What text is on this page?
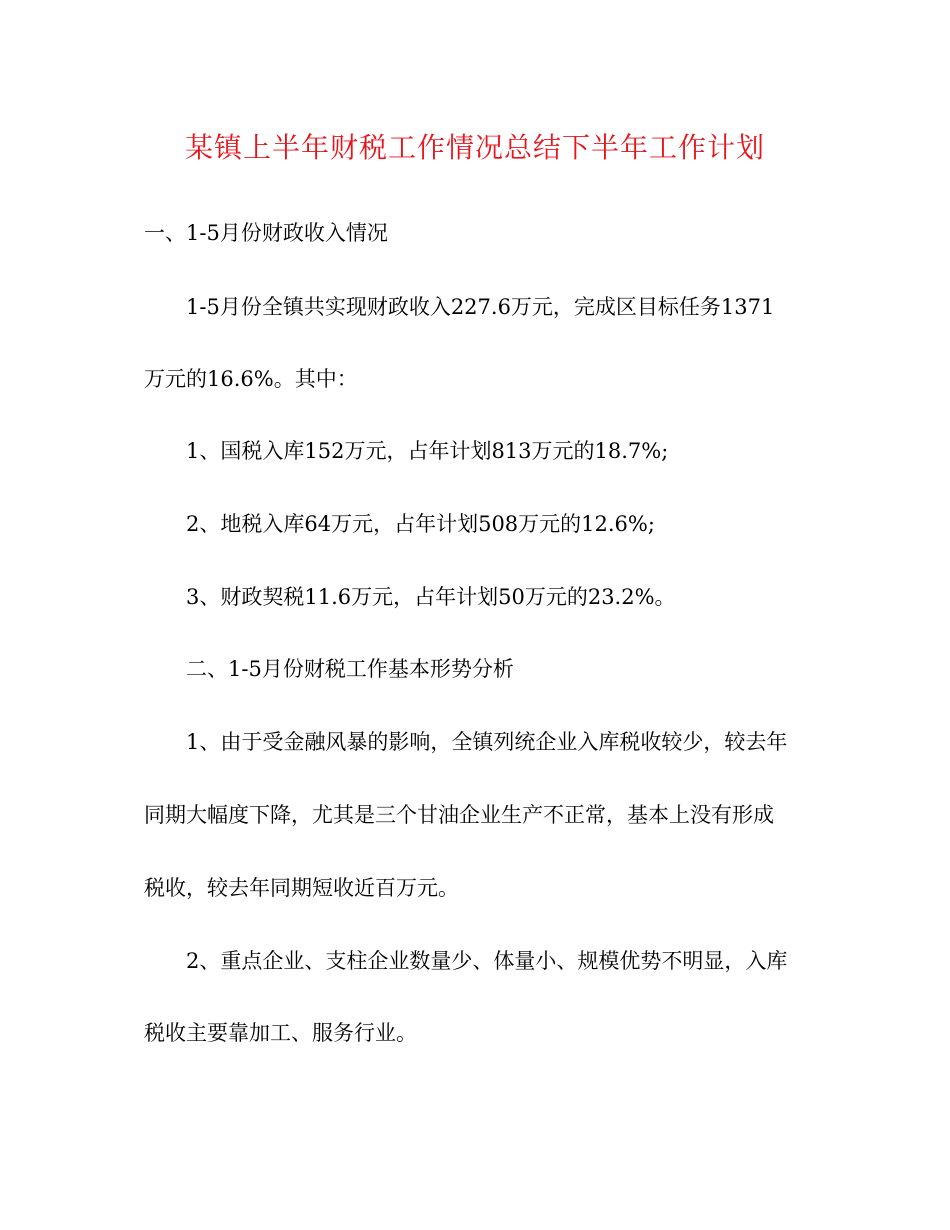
某镇上半年财税工作情况总结下半年工作计划
一、1-5月份财政收入情况
1-5月份全镇共实现财政收入227.6万元，完成区目标任务1371
万元的16.6%。其中：
1、国税入库152万元，占年计划813万元的18.7%;
2、地税入库64万元，占年计划508万元的12.6%;
3、财政契税11.6万元，占年计划50万元的23.2%。
二、1-5月份财税工作基本形势分析
1、由于受金融风暴的影响，全镇列统企业入库税收较少，较去年
同期大幅度下降，尤其是三个甘油企业生产不正常，基本上没有形成
税收，较去年同期短收近百万元。
2、重点企业、支柱企业数量少、体量小、规模优势不明显，入库
税收主要靠加工、服务行业。
